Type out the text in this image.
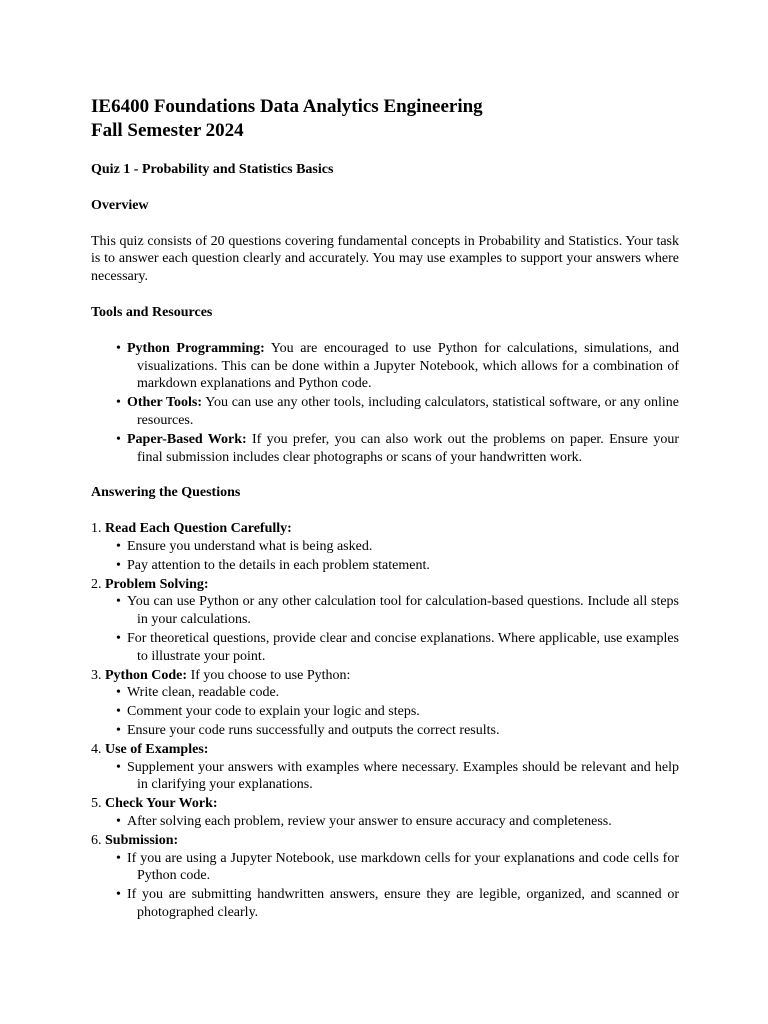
IE6400 Foundations Data Analytics Engineering
Fall Semester 2024
Quiz 1 - Probability and Statistics Basics
Overview
This quiz consists of 20 questions covering fundamental concepts in Probability and Statistics. Your task is to answer each question clearly and accurately. You may use examples to support your answers where necessary.
Tools and Resources
• Python Programming: You are encouraged to use Python for calculations, simulations, and visualizations. This can be done within a Jupyter Notebook, which allows for a combination of markdown explanations and Python code.
• Other Tools: You can use any other tools, including calculators, statistical software, or any online resources.
• Paper-Based Work: If you prefer, you can also work out the problems on paper. Ensure your final submission includes clear photographs or scans of your handwritten work.
Answering the Questions
1. Read Each Question Carefully:
• Ensure you understand what is being asked.
• Pay attention to the details in each problem statement.
2. Problem Solving:
• You can use Python or any other calculation tool for calculation-based questions. Include all steps in your calculations.
• For theoretical questions, provide clear and concise explanations. Where applicable, use examples to illustrate your point.
3. Python Code: If you choose to use Python:
• Write clean, readable code.
• Comment your code to explain your logic and steps.
• Ensure your code runs successfully and outputs the correct results.
4. Use of Examples:
• Supplement your answers with examples where necessary. Examples should be relevant and help in clarifying your explanations.
5. Check Your Work:
• After solving each problem, review your answer to ensure accuracy and completeness.
6. Submission:
• If you are using a Jupyter Notebook, use markdown cells for your explanations and code cells for Python code.
• If you are submitting handwritten answers, ensure they are legible, organized, and scanned or photographed clearly.
